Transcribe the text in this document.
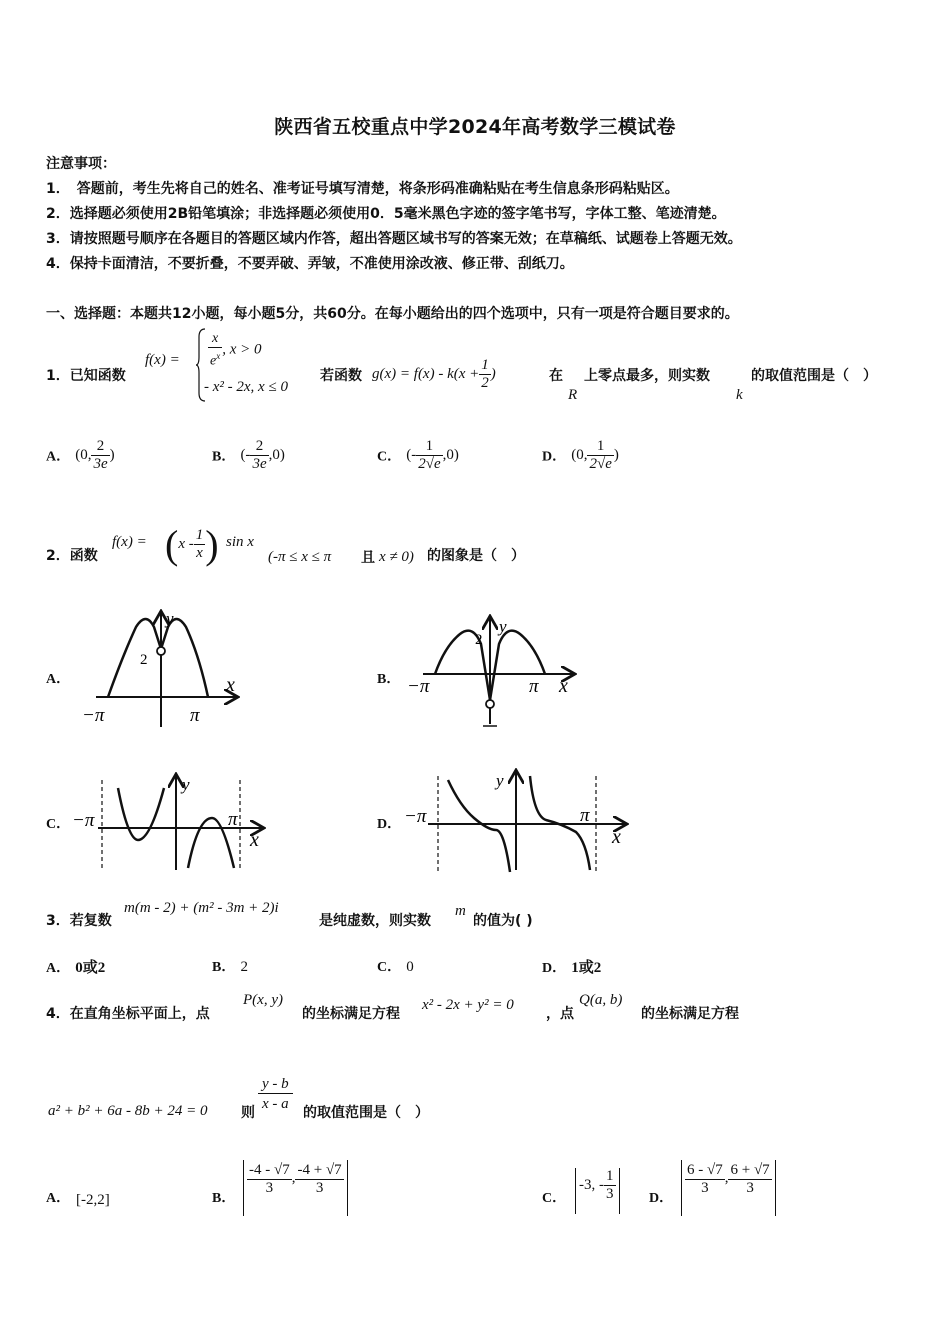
陕西省五校重点中学2024年高考数学三模试卷
注意事项：
1．　答题前，考生先将自己的姓名、准考证号填写清楚，将条形码准确粘贴在考生信息条形码粘贴区。
2．选择题必须使用2B铅笔填涂；非选择题必须使用0．5毫米黑色字迹的签字笔书写，字体工整、笔迹清楚。
3．请按照题号顺序在各题目的答题区域内作答，超出答题区域书写的答案无效；在草稿纸、试题卷上答题无效。
4．保持卡面清洁，不要折叠，不要弄破、弄皱，不准使用涂改液、修正带、刮纸刀。
一、选择题：本题共12小题，每小题5分，共60分。在每小题给出的四个选项中，只有一项是符合题目要求的。
1．已知函数
$f(x) = \frac{x}{e^x}$ , x > 0
- x² - 2x, x ≤ 0
若函数 $g(x) = f(x) - k(x + \frac{1}{2}$ )	在
R
上零点最多，则实数
k
的取值范围是（　）
A． (0, $\frac{2}{3e}$ )	B． (- $\frac{2}{3e} ,0$)	C． (- $\frac{1}{2√e} ,0$)	D． (0, $\frac{1}{2√e}$ )
2．函数
$f(x) = (x - \frac{1}{x}$ ) sin x
(-π ≤ x ≤ π 且 x ≠ 0) 的图象是（　）
A．	B．
C．	D．
y
x
2
−π	π
y
x
2
−π	π
y
x
−π	π
y
x
−π	π
3．若复数
m(m - 2) + (m² - 3m + 2)i
是纯虚数，则实数
m
的值为( )
A． 0或2	B． 2	C． 0	D． 1或2
4．在直角坐标平面上，点
P(x, y)
的坐标满足方程
x² - 2x + y² = 0
，点
Q(a, b)
的坐标满足方程
a² + b² + 6a - 8b + 24 = 0 则 $\frac{y - b}{x - a}$ 的取值范围是（　）
A． [-2,2]	B．
$\frac{-4 - √7}{3}$ , $\frac{-4 + √7}{3}$
C．
-3, - $\frac{1}{3}$ D．
$\frac{6 - √7}{3}$ , $\frac{6 + √7}{3}$
